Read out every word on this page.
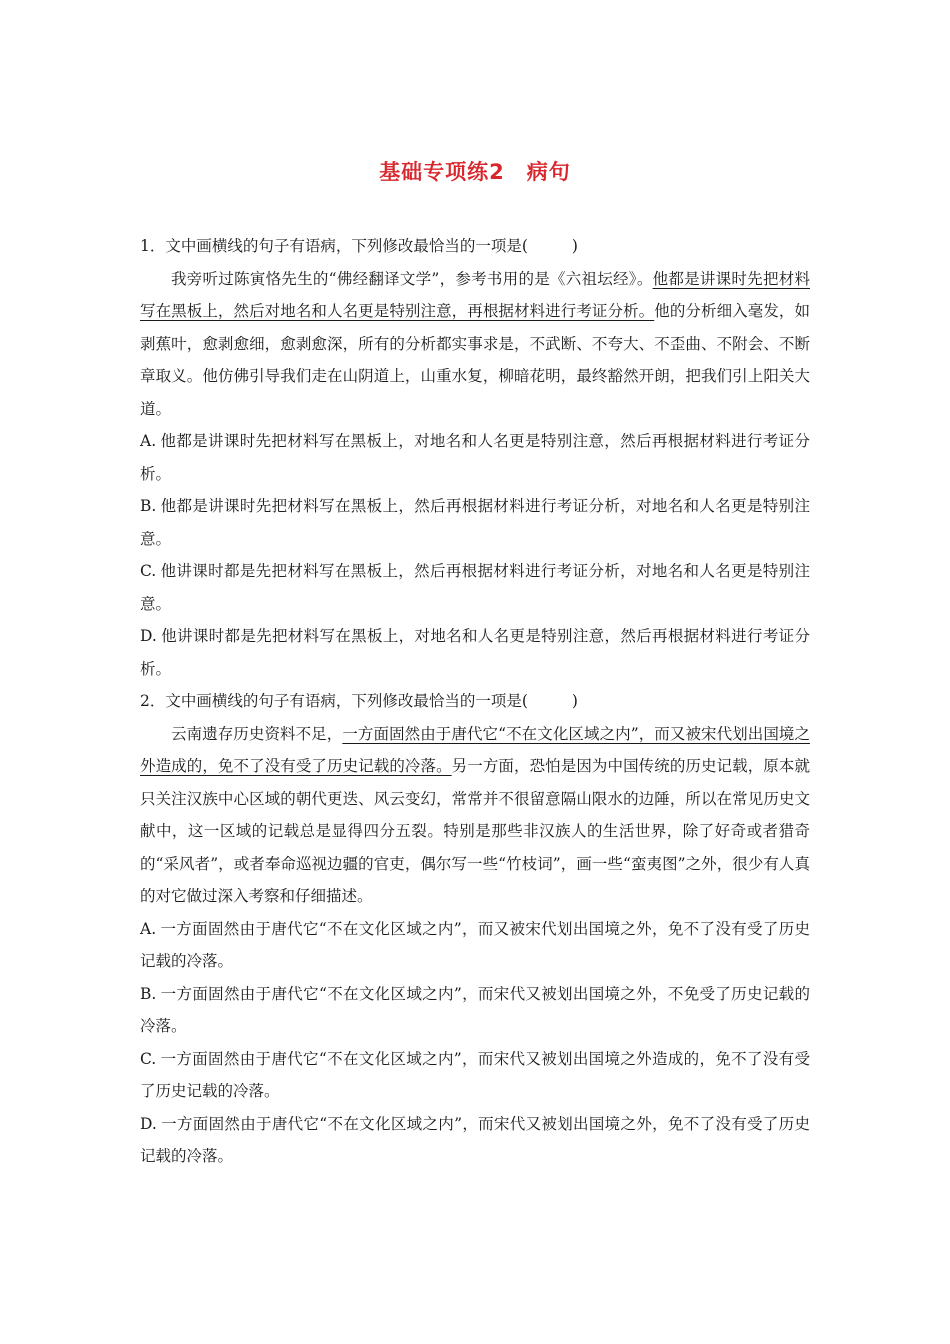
基础专项练2　病句

1．文中画横线的句子有语病，下列修改最恰当的一项是(	)

我旁听过陈寅恪先生的“佛经翻译文学”，参考书用的是《六祖坛经》。他都是讲课时先把材料写在黑板上，然后对地名和人名更是特别注意，再根据材料进行考证分析。他的分析细入毫发，如剥蕉叶，愈剥愈细，愈剥愈深，所有的分析都实事求是，不武断、不夸大、不歪曲、不附会、不断章取义。他仿佛引导我们走在山阴道上，山重水复，柳暗花明，最终豁然开朗，把我们引上阳关大道。

A. 他都是讲课时先把材料写在黑板上，对地名和人名更是特别注意，然后再根据材料进行考证分析。

B. 他都是讲课时先把材料写在黑板上，然后再根据材料进行考证分析，对地名和人名更是特别注意。

C. 他讲课时都是先把材料写在黑板上，然后再根据材料进行考证分析，对地名和人名更是特别注意。

D. 他讲课时都是先把材料写在黑板上，对地名和人名更是特别注意，然后再根据材料进行考证分析。

2．文中画横线的句子有语病，下列修改最恰当的一项是(	)

云南遗存历史资料不足，一方面固然由于唐代它“不在文化区域之内”，而又被宋代划出国境之外造成的，免不了没有受了历史记载的冷落。另一方面，恐怕是因为中国传统的历史记载，原本就只关注汉族中心区域的朝代更迭、风云变幻，常常并不很留意隔山限水的边陲，所以在常见历史文献中，这一区域的记载总是显得四分五裂。特别是那些非汉族人的生活世界，除了好奇或者猎奇的“采风者”，或者奉命巡视边疆的官吏，偶尔写一些“竹枝词”，画一些“蛮夷图”之外，很少有人真的对它做过深入考察和仔细描述。

A. 一方面固然由于唐代它“不在文化区域之内”，而又被宋代划出国境之外，免不了没有受了历史记载的冷落。

B. 一方面固然由于唐代它“不在文化区域之内”，而宋代又被划出国境之外，不免受了历史记载的冷落。

C. 一方面固然由于唐代它“不在文化区域之内”，而宋代又被划出国境之外造成的，免不了没有受了历史记载的冷落。

D. 一方面固然由于唐代它“不在文化区域之内”，而宋代又被划出国境之外，免不了没有受了历史记载的冷落。
